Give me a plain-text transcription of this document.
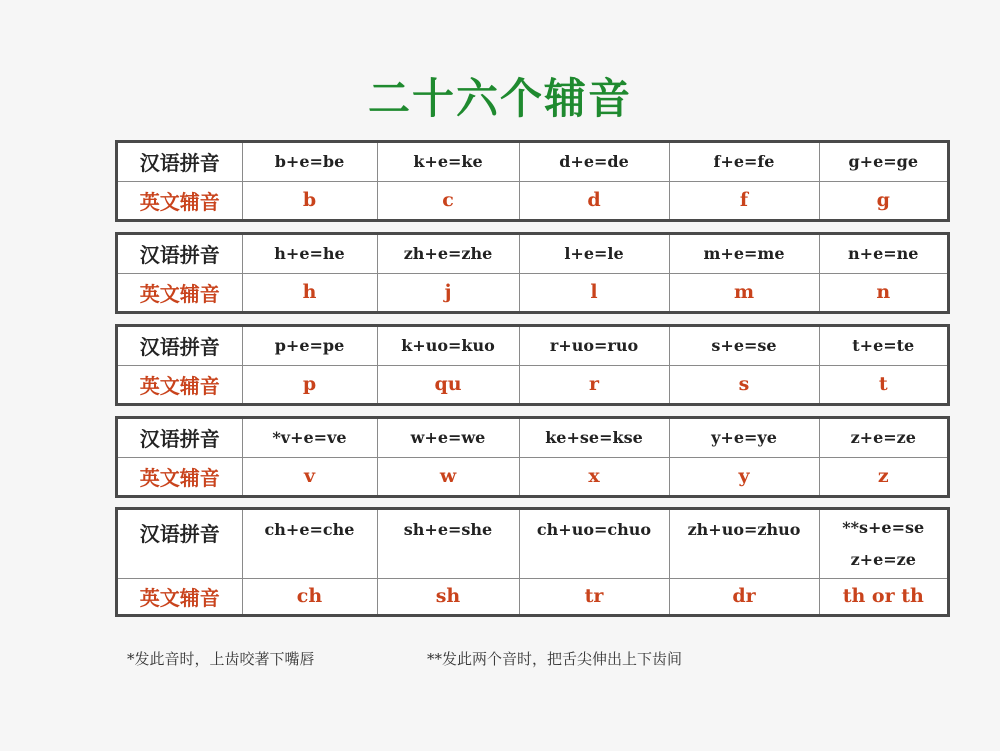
二十六个辅音
汉语拼音	b+e=be	k+e=ke	d+e=de	f+e=fe	g+e=ge
英文辅音	b	c	d	f	g
汉语拼音	h+e=he	zh+e=zhe	l+e=le	m+e=me	n+e=ne
英文辅音	h	j	l	m	n
汉语拼音	p+e=pe	k+uo=kuo	r+uo=ruo	s+e=se	t+e=te
英文辅音	p	qu	r	s	t
汉语拼音	*v+e=ve	w+e=we	ke+se=kse	y+e=ye	z+e=ze
英文辅音	v	w	x	y	z
汉语拼音	ch+e=che	sh+e=she	ch+uo=chuo	zh+uo=zhuo	**s+e=se
z+e=ze

英文辅音	ch	sh	tr	dr	th or th
*发此音时，上齿咬著下嘴唇	**发此两个音时，把舌尖伸出上下齿间
